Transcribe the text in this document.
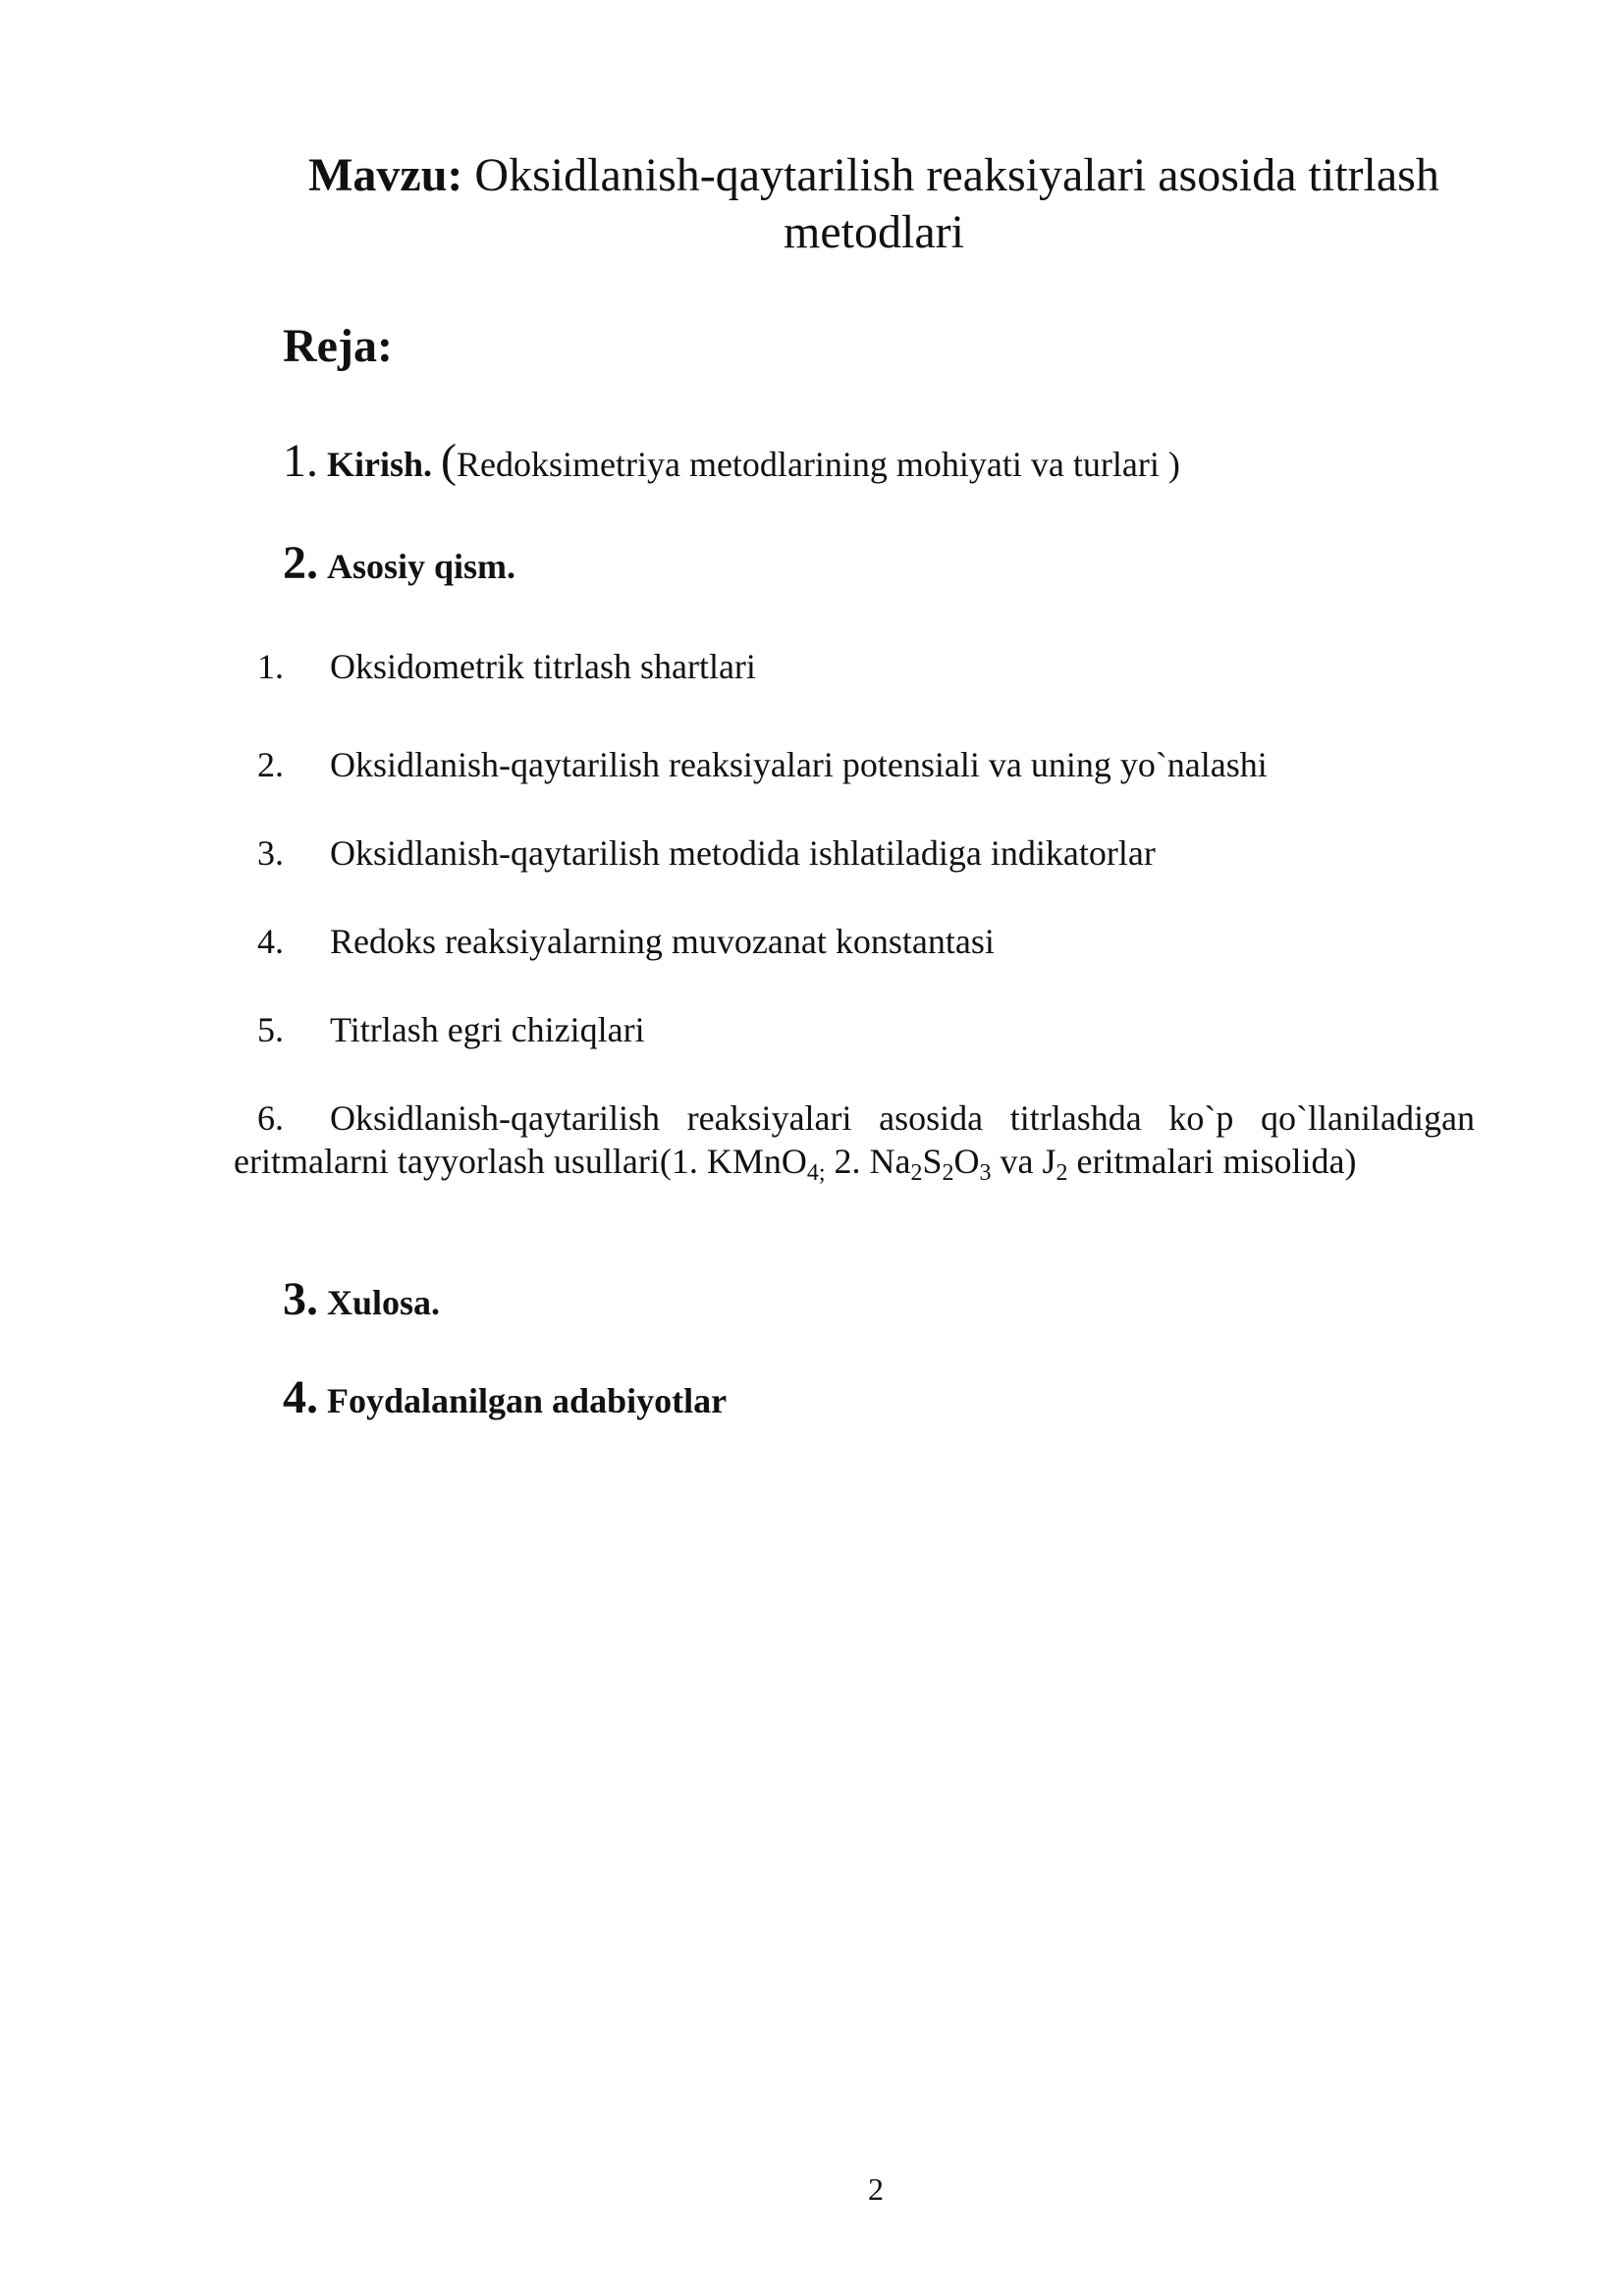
Mavzu: Oksidlanish-qaytarilish reaksiyalari asosida titrlash metodlari
Reja:
1. Kirish. (Redoksimetriya metodlarining mohiyati va turlari )
2. Asosiy qism.
1. Oksidometrik titrlash shartlari
2. Oksidlanish-qaytarilish reaksiyalari potensiali va uning yo`nalashi
3. Oksidlanish-qaytarilish metodida ishlatiladiga indikatorlar
4. Redoks reaksiyalarning muvozanat konstantasi
5. Titrlash egri chiziqlari
6. Oksidlanish-qaytarilish reaksiyalari asosida titrlashda ko`p qo`llaniladigan
eritmalarni tayyorlash usullari(1. KMnO$_{4;}$ 2. $Na_2S_2O_3$ va $J_2$ eritmalari misolida)
3. Xulosa.
4. Foydalanilgan adabiyotlar
2
